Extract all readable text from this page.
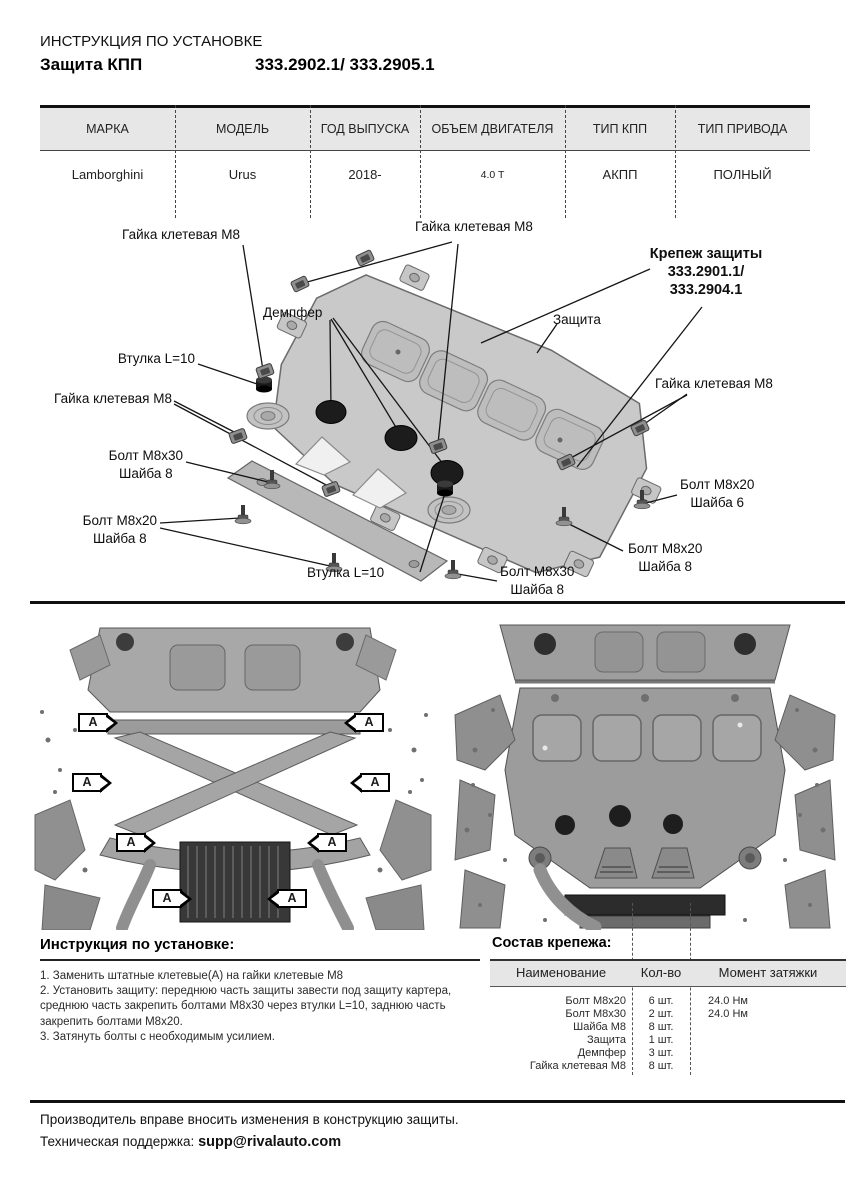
ИНСТРУКЦИЯ ПО УСТАНОВКЕ
Защита КПП	333.2902.1/ 333.2905.1
МАРКА	МОДЕЛЬ	ГОД ВЫПУСКА	ОБЪЕМ ДВИГАТЕЛЯ	ТИП КПП	ТИП ПРИВОДА
Lamborghini	Urus	2018-	4.0 T	АКПП	ПОЛНЫЙ
Гайка клетевая М8
Гайка клетевая М8
Крепеж защиты
333.2901.1/
333.2904.1
Демпфер	Защита
Втулка L=10
Гайка клетевая М8
Гайка клетевая М8
Болт М8х30
Шайба 8
Болт М8х20
Шайба 6
Болт М8х20
Шайба 8
Болт М8х20
Шайба 8
Болт М8х30
Шайба 8
Втулка L=10
A	A
A	A
A	A
A	A
Инструкция по установке:
1. Заменить штатные клетевые(А) на гайки клетевые М8
2. Установить защиту: переднюю часть защиты завести под защиту картера, среднюю часть закрепить болтами М8х30 через втулки L=10, заднюю часть закрепить болтами М8х20.
3. Затянуть болты с необходимым усилием.
Состав крепежа:
Наименование	Кол-во	Момент затяжки
Болт М8х20	6 шт.	24.0 Нм
Болт М8х30	2 шт.	24.0 Нм
Шайба М8	8 шт.
Защита	1 шт.
Демпфер	3 шт.
Гайка клетевая М8	8 шт.
Производитель вправе вносить изменения в конструкцию защиты.
Техническая поддержка: supp@rivalauto.com
